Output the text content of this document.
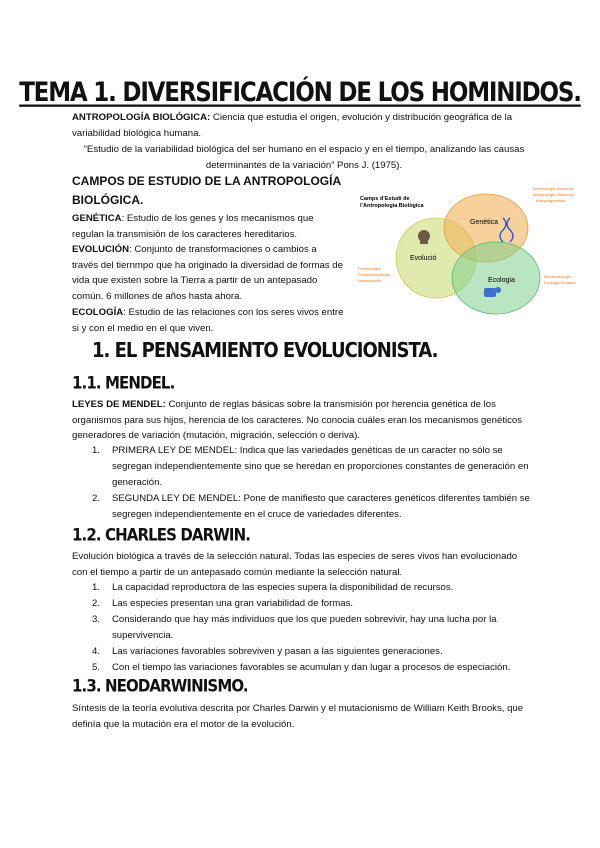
TEMA 1. DIVERSIFICACIÓN DE LOS HOMINIDOS.

ANTROPOLOGÍA BIOLÓGICA: Ciencia que estudia el origen, evolución y distribución geográfica de la variabilidad biológica humana.

“Estudio de la variabilidad biológica del ser humano en el espacio y en el tiempo, analizando las causas determinantes de la variación” Pons J. (1975).

CAMPOS DE ESTUDIO DE LA ANTROPOLOGÍA BIOLÓGICA.

GENÉTICA: Estudio de los genes y los mecanismos que regulan la transmisión de los caracteres hereditarios.

EVOLUCIÓN: Conjunto de transformaciones o cambios a través del tiernmpo que ha originado la diversidad de formas de vida que existen sobre la Tierra a partir de un antepasado común. 6 millones de años hasta ahora.

ECOLOGÍA: Estudio de las relaciones con los seres vivos entre si y con el medio en el que viven.

Camps d’Estudi de
l’Antropologia Biològica
Genètica
Evolució
Ecologia
Antropologia Molecular
Antropologia Molecular
Antropogenètica
Primatologia
Paleoantropologia
Hominització
Bioclimatologia
Ecologia Humana
1. EL PENSAMIENTO EVOLUCIONISTA.
1.1. MENDEL.

LEYES DE MENDEL: Conjunto de reglas básicas sobre la transmisión por herencia genética de los organismos para sus hijos, herencia de los caracteres. No conocia cuáles eran los mecanismos genéticos generadores de variación (mutación, migración, selección o deriva).

1. PRIMERA LEY DE MENDEL: Indica que las variedades genéticas de un caracter no sólo se segregan independientemente sino que se heredan en proporciones constantes de generación en generación.
2. SEGUNDA LEY DE MENDEL: Pone de manifiesto que caracteres genéticos diferentes también se segregen independientemente en el cruce de variedades diferentes.
1.2. CHARLES DARWIN.

Evolución biológica a través de la selección natural. Todas las especies de seres vivos han evolucionado con el tiempo a partir de un antepasado común mediante la selección natural.

1. La capacidad reproductora de las especies supera la disponibilidad de recursos.
2. Las especies presentan una gran variabilidad de formas.
3. Considerando que hay más individuos que los que pueden sobrevivir, hay una lucha por la supervivencia.
4. Las variaciones favorables sobreviven y pasan a las siguientes generaciones.
5. Con el tiempo las variaciones favorables se acumulan y dan lugar a procesos de especiación.
1.3. NEODARWINISMO.

Síntesis de la teoría evolutiva descrita por Charles Darwin y el mutacionismo de William Keith Brooks, que definía que la mutación era el motor de la evolución.
